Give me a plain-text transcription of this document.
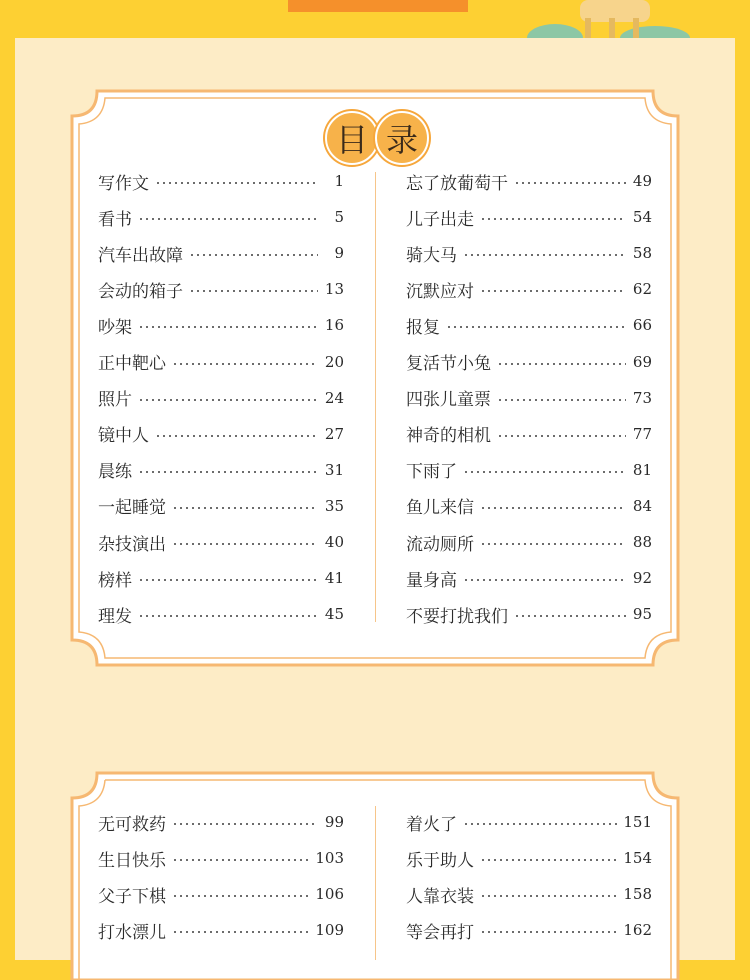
目 录
写作文	1
看书	5
汽车出故障	9
会动的箱子	13
吵架	16
正中靶心	20
照片	24
镜中人	27
晨练	31
一起睡觉	35
杂技演出	40
榜样	41
理发	45
忘了放葡萄干	49
儿子出走	54
骑大马	58
沉默应对	62
报复	66
复活节小兔	69
四张儿童票	73
神奇的相机	77
下雨了	81
鱼儿来信	84
流动厕所	88
量身高	92
不要打扰我们	95
无可救药	99
生日快乐	103
父子下棋	106
打水漂儿	109
着火了	151
乐于助人	154
人靠衣装	158
等会再打	162
